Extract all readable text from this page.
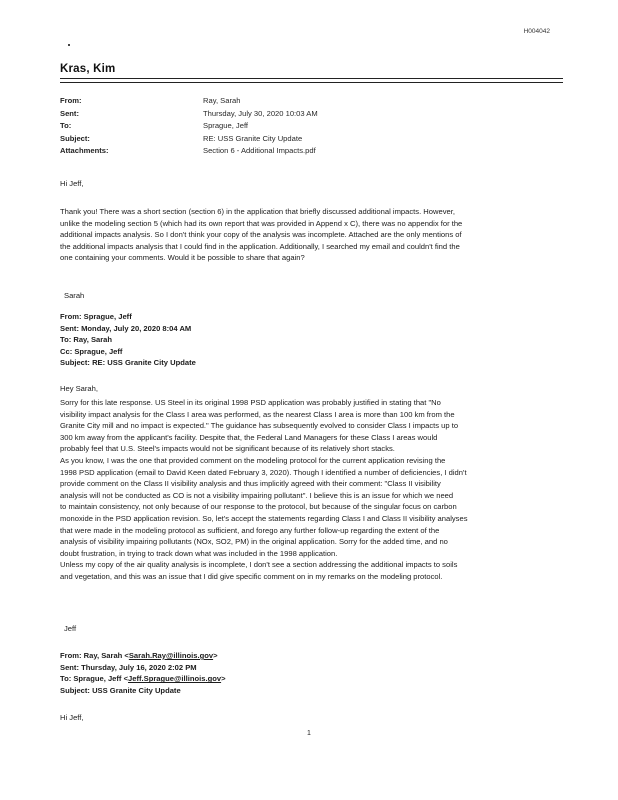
H004042
Kras, Kim
From:	Ray, Sarah
Sent:	Thursday, July 30, 2020 10:03 AM
To:	Sprague, Jeff
Subject:	RE: USS Granite City Update
Attachments:	Section 6 - Additional Impacts.pdf
Hi Jeff,
Thank you! There was a short section (section 6) in the application that briefly discussed additional impacts. However,
unlike the modeling section 5 (which had its own report that was provided in Append x C), there was no appendix for the
additional impacts analysis. So I don't think your copy of the analysis was incomplete. Attached are the only mentions of
the additional impacts analysis that I could find in the application. Additionally, I searched my email and couldn't find the
one containing your comments. Would it be possible to share that again?
Sarah
From: Sprague, Jeff
Sent: Monday, July 20, 2020 8:04 AM
To: Ray, Sarah
Cc: Sprague, Jeff
Subject: RE: USS Granite City Update
Hey Sarah,
Sorry for this late response. US Steel in its original 1998 PSD application was probably justified in stating that "No
visibility impact analysis for the Class I area was performed, as the nearest Class I area is more than 100 km from the
Granite City mill and no impact is expected." The guidance has subsequently evolved to consider Class I impacts up to
300 km away from the applicant's facility. Despite that, the Federal Land Managers for these Class I areas would
probably feel that U.S. Steel's impacts would not be significant because of its relatively short stacks.
As you know, I was the one that provided comment on the modeling protocol for the current application revising the
1998 PSD application (email to David Keen dated February 3, 2020). Though I identified a number of deficiencies, I didn't
provide comment on the Class II visibility analysis and thus implicitly agreed with their comment: "Class II visibility
analysis will not be conducted as CO is not a visibility impairing pollutant". I believe this is an issue for which we need
to maintain consistency, not only because of our response to the protocol, but because of the singular focus on carbon
monoxide in the PSD application revision. So, let's accept the statements regarding Class I and Class II visibility analyses
that were made in the modeling protocol as sufficient, and forego any further follow-up regarding the extent of the
analysis of visibility impairing pollutants (NOx, SO2, PM) in the original application. Sorry for the added time, and no
doubt frustration, in trying to track down what was included in the 1998 application.
Unless my copy of the air quality analysis is incomplete, I don't see a section addressing the additional impacts to soils
and vegetation, and this was an issue that I did give specific comment on in my remarks on the modeling protocol.
Jeff
From: Ray, Sarah <Sarah.Ray@illinois.gov>
Sent: Thursday, July 16, 2020 2:02 PM
To: Sprague, Jeff <Jeff.Sprague@illinois.gov>
Subject: USS Granite City Update
1
Hi Jeff,
